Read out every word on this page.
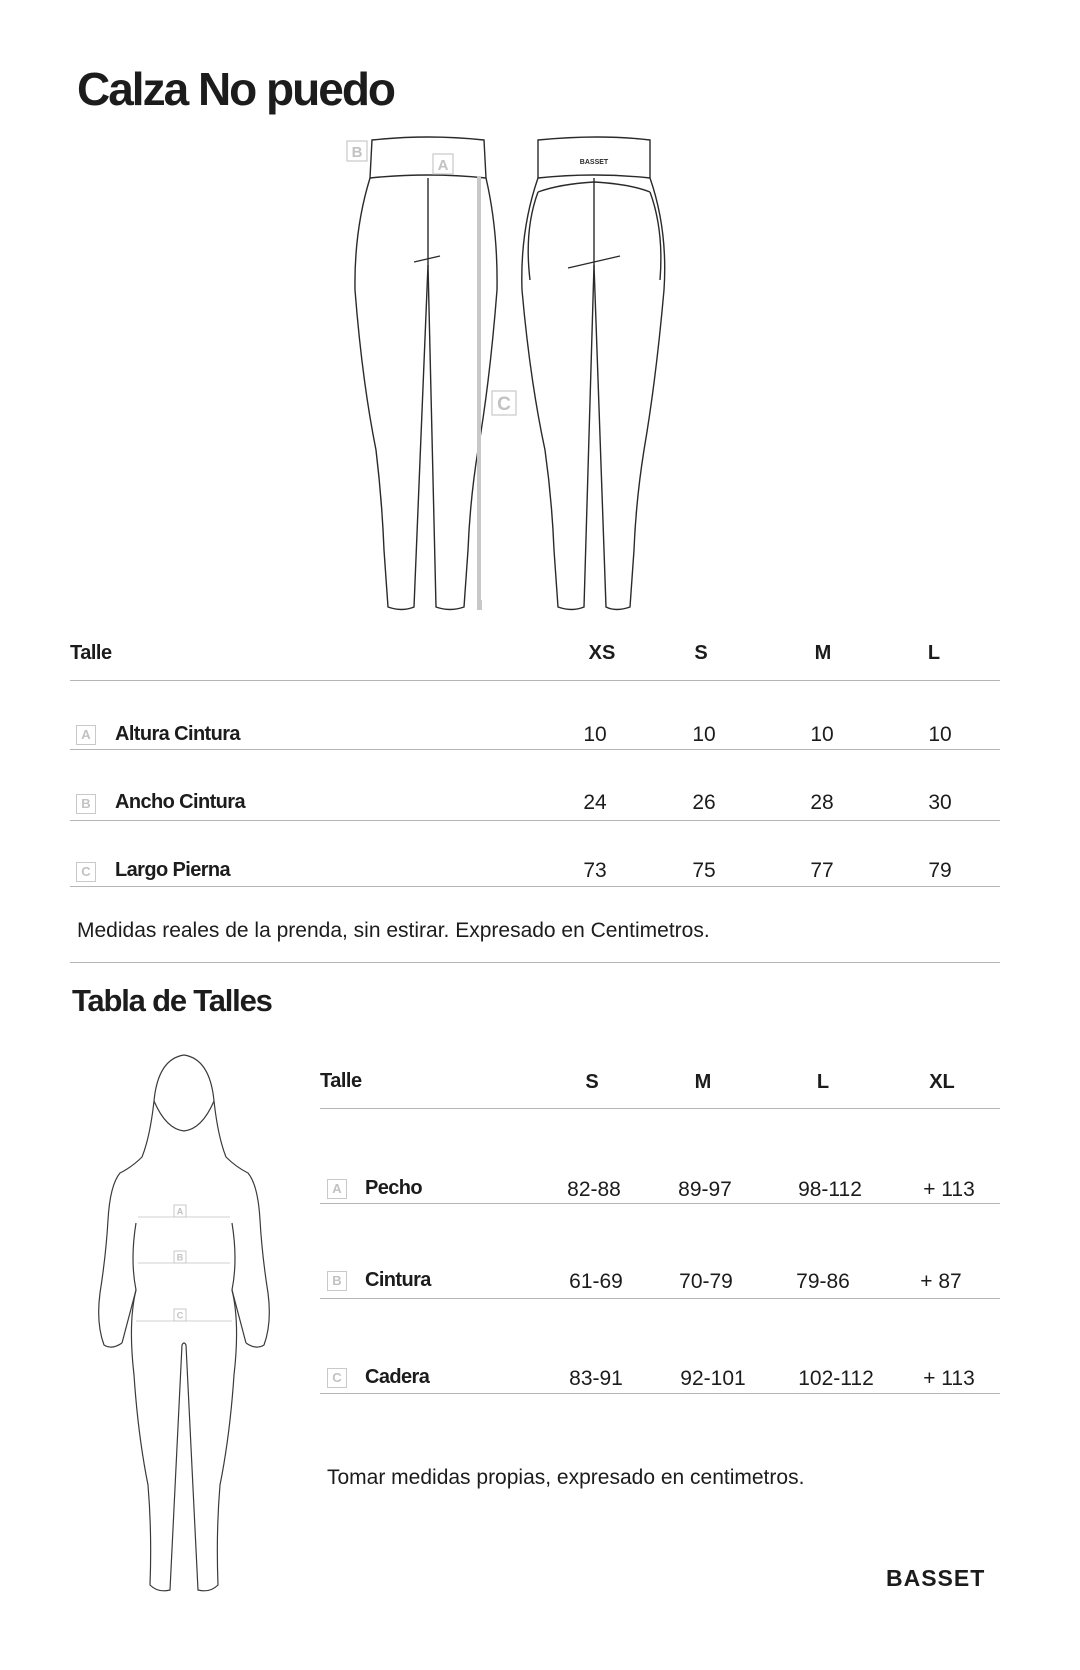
Calza No puedo
B
A
C
BASSET
Talle	XS	S	M	L
A Altura Cintura	10	10	10	10
B Ancho Cintura	24	26	28	30
C Largo Pierna	73	75	77	79
Medidas reales de la prenda, sin estirar. Expresado en Centimetros.
Tabla de Talles
A
B
C
Talle	S	M	L	XL
A Pecho	82-88	89-97	98-112	+ 113
B Cintura	61-69	70-79	79-86	+ 87
C Cadera	83-91	92-101	102-112	+ 113
Tomar medidas propias, expresado en centimetros.
BASSET
